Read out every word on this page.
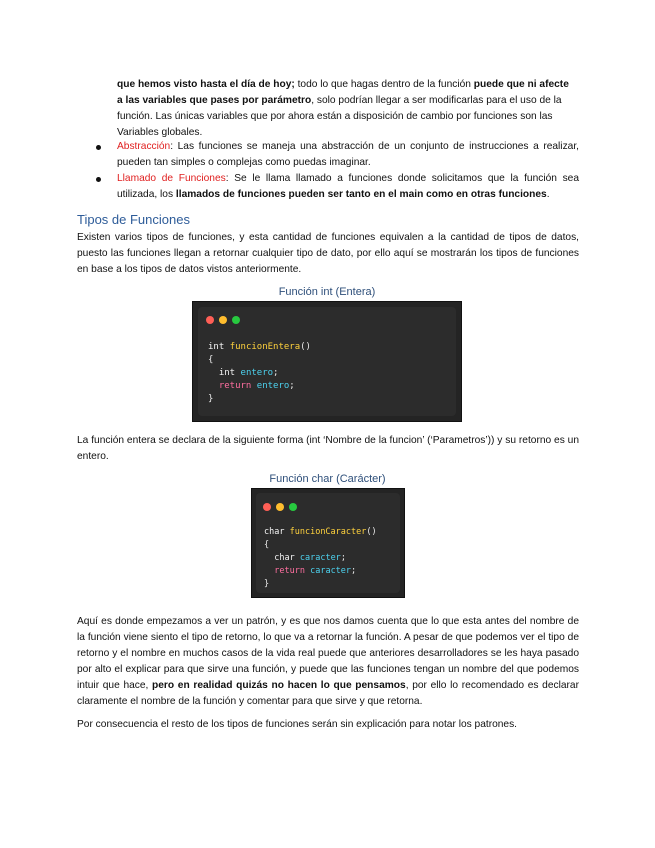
que hemos visto hasta el día de hoy; todo lo que hagas dentro de la función puede que ni afecte
a las variables que pases por parámetro, solo podrían llegar a ser modificarlas para el uso de la
función. Las únicas variables que por ahora están a disposición de cambio por funciones son las
Variables globales.
Abstracción: Las funciones se maneja una abstracción de un conjunto de instrucciones a realizar, pueden tan simples o complejas como puedas imaginar.
Llamado de Funciones: Se le llama llamado a funciones donde solicitamos que la función sea utilizada, los llamados de funciones pueden ser tanto en el main como en otras funciones.
Tipos de Funciones
Existen varios tipos de funciones, y esta cantidad de funciones equivalen a la cantidad de tipos de datos, puesto las funciones llegan a retornar cualquier tipo de dato, por ello aquí se mostrarán los tipos de funciones en base a los tipos de datos vistos anteriormente.
Función int (Entera)
int funcionEntera()
{
int entero;
return entero;
}
La función entera se declara de la siguiente forma (int ‘Nombre de la funcion’ (‘Parametros’)) y su retorno es un entero.
Función char (Carácter)
char funcionCaracter()
{
char caracter;
return caracter;
}
Aquí es donde empezamos a ver un patrón, y es que nos damos cuenta que lo que esta antes del nombre de la función viene siento el tipo de retorno, lo que va a retornar la función. A pesar de que podemos ver el tipo de retorno y el nombre en muchos casos de la vida real puede que anteriores desarrolladores se les haya pasado por alto el explicar para que sirve una función, y puede que las funciones tengan un nombre del que podemos intuir que hace, pero en realidad quizás no hacen lo que pensamos, por ello lo recomendado es declarar claramente el nombre de la función y comentar para que sirve y que retorna.
Por consecuencia el resto de los tipos de funciones serán sin explicación para notar los patrones.
